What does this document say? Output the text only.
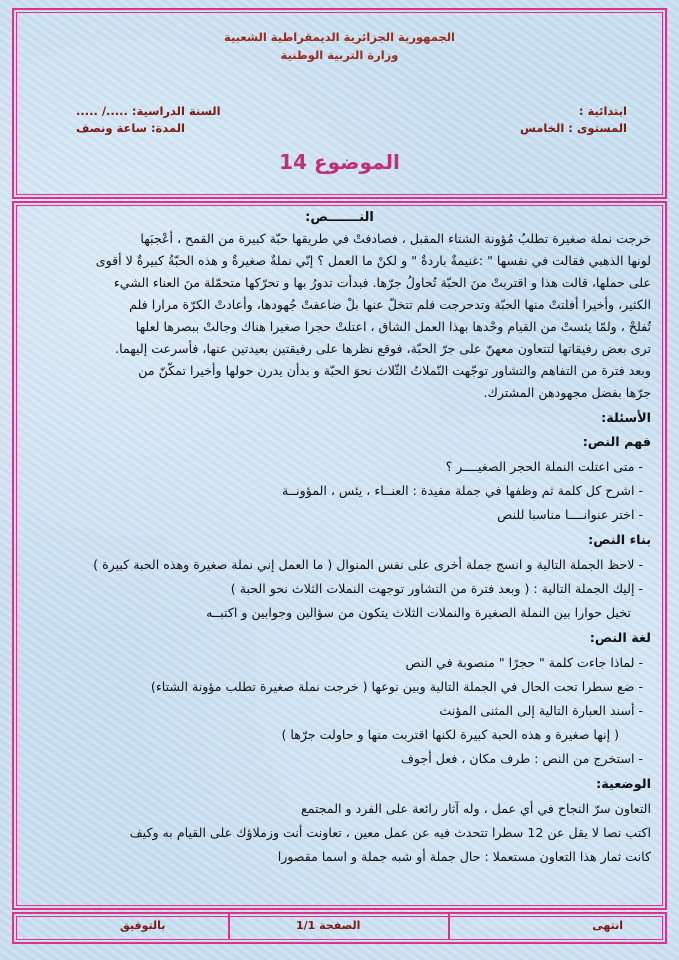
الجمهورية الجزائرية الديمقراطية الشعبية
وزارة التربية الوطنية
ابتدائية :
المستوى : الخامس
السنة الدراسية: ...../ .....
المدة: ساعة ونصف
الموضوع 14
النـــــــص:
خرجت نملة صغيرة تطلبُ مُؤونة الشتاء المقبل ، فصادفتْ في طريقها حبّة كبيرة من القمح ، أعْجبَها
لونها الذهبي فقالت في نفسها " :غنيمةٌ باردةٌ " و لكنْ ما العمل ؟ إنّي نملةٌ صغيرةٌ و هذه الحبّةُ كبيرةٌ لا أقوى
على حملها، قالت هذا و اقتربتْ منَ الحبّة تُحاولُ جرّها. فبدأت تدورُ بها و تحرّكها متحمّلة منَ العناء الشيء
الكثير، وأخيرا أفلتتْ منها الحبّة وتدحرجت فلم تتخلّ عنها بلْ ضاعفتْ جُهودها، وأعادتْ الكرّة مرارا فلم
تُفلحْ ، ولمّا يئستْ من القيام وحْدها بهذا العمل الشاق ، اعتلتْ حجرا صغيرا هناك وجالتْ ببصرها لعلها
ترى بعض رفيقاتها لتتعاون معهنّ على جرّ الحبّة، فوقع نظرها على رفيقتين بعيدتين عنها، فأسرعت إليهما.
وبعد فترة من التفاهم والتشاور توجّهت النّملاتُ الثّلاث نحوَ الحبّة و بدأن يدرن حولها وأخيرا تمكّنّ من
جرّها بفضل مجهودهن المشترك.
الأسئلة:
فهم النص:
- متى اعتلت النملة الحجر الصغيــــر ؟
- اشرح كل كلمة ثم وظفها في جملة مفيدة : العنــاء ، يئس ، المؤونــة
- اختر عنوانــــا مناسبا للنص
بناء النص:
- لاحظ الجملة التالية و انسج جملة أخرى على نفس المنوال ( ما العمل إني نملة صغيرة وهذه الحبة كبيرة )
- إليك الجملة التالية : ( وبعد فترة من التشاور توجهت النملات الثلاث نحو الحبة )
تخيل حوارا بين النملة الصغيرة والنملات الثلاث يتكون من سؤالين وجوابين و اكتبــه
لغة النص:
- لماذا جاءت كلمة " حجرًا " منصوبة في النص
- ضع سطرا تحت الحال في الجملة التالية وبين نوعها ( خرجت نملة صغيرة تطلب مؤونة الشتاء)
- أسند العبارة التالية إلى المثنى المؤنث
( إنها صغيرة و هذه الحبة كبيرة لكنها اقتربت منها و حاولت جرّها )
- استخرج من النص : طرف مكان ، فعل أجوف
الوضعية:
التعاون سرّ النجاح في أي عمل ، وله آثار رائعة على الفرد و المجتمع
اكتب نصا لا يقل عن 12 سطرا تتحدث فيه عن عمل معين ، تعاونت أنت وزملاؤك على القيام به وكيف
كانت ثمار هذا التعاون مستعملا : حال جملة أو شبه جملة و اسما مقصورا
انتهى
الصفحة 1/1
بالتوفيق
